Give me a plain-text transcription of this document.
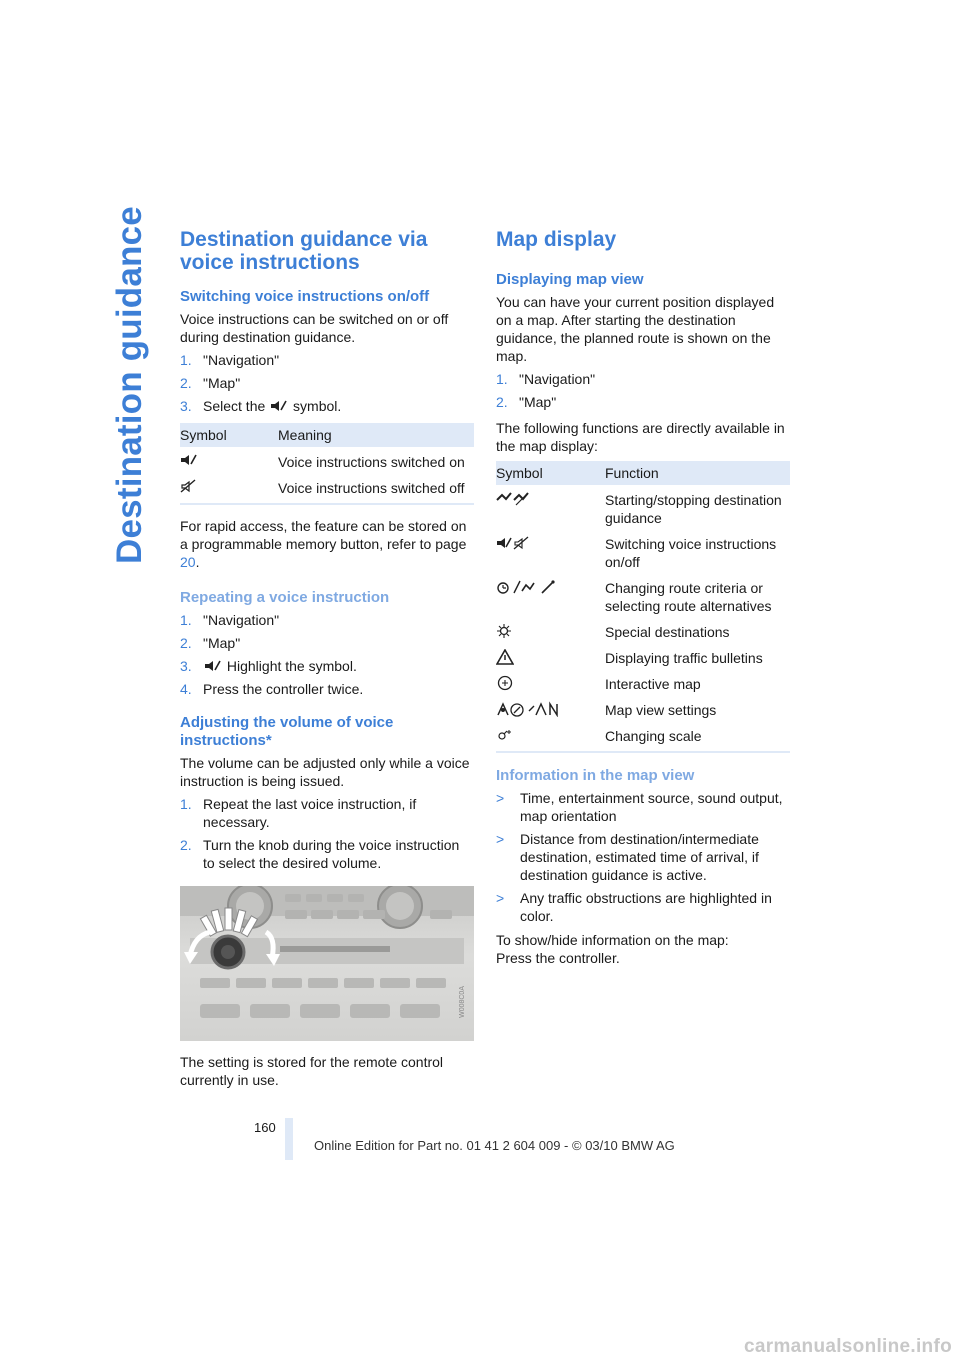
Destination guidance Destination guidance via voice instructions
Switching voice instructions on/off

Voice instructions can be switched on or off during destination guidance.

1. "Navigation"
2. "Map"
3. Select the symbol.
Symbol	Meaning
	Voice instructions switched on
	Voice instructions switched off

For rapid access, the feature can be stored on a programmable memory button, refer to page 20.

Repeating a voice instruction
1. "Navigation"
2. "Map"
3.	Highlight the symbol.
4. Press the controller twice.
Adjusting the volume of voice instructions*

The volume can be adjusted only while a voice instruction is being issued.

1. Repeat the last voice instruction, if necessary.
2. Turn the knob during the voice instruction to select the desired volume.
W008C0A

The setting is stored for the remote control currently in use.

Map display
Displaying map view

You can have your current position displayed on a map. After starting the destination guidance, the planned route is shown on the map.

1. "Navigation"
2. "Map"

The following functions are directly available in the map display:

Symbol	Function
	Starting/stopping destination guidance
	Switching voice instructions on/off
	Changing route criteria or selecting route alternatives
	Special destinations
	Displaying traffic bulletins
	Interactive map
	Map view settings
	Changing scale
Information in the map view
>	Time, entertainment source, sound output, map orientation
>	Distance from destination/intermediate destination, estimated time of arrival, if destination guidance is active.
>	Any traffic obstructions are highlighted in color.

To show/hide information on the map:

Press the controller.

160
Online Edition for Part no. 01 41 2 604 009 - © 03/10 BMW AG
carmanualsonline.info
